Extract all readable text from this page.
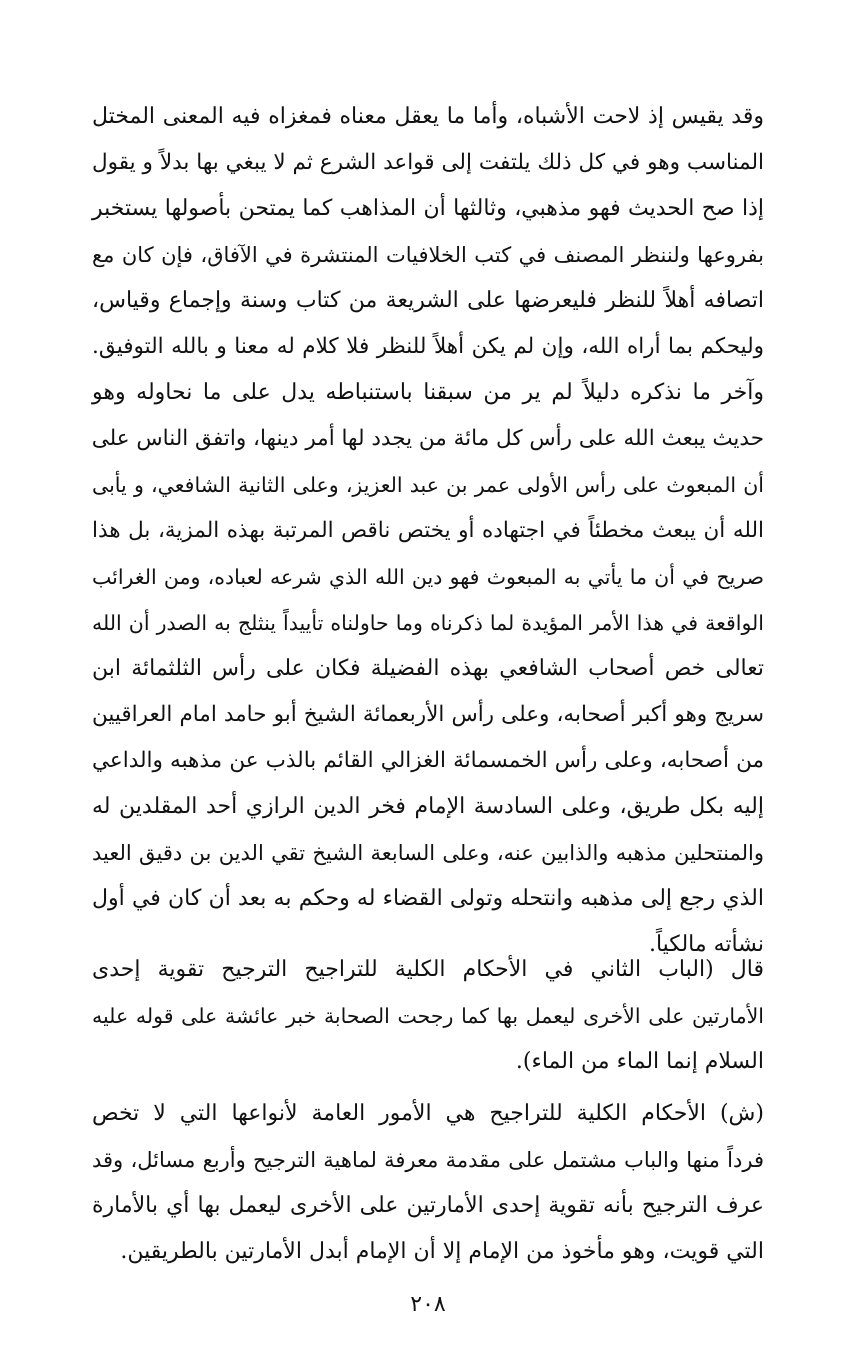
وقد يقيس إذ لاحت الأشباه، وأما ما يعقل معناه فمغزاه فيه المعنى المختل
المناسب وهو في كل ذلك يلتفت إلى قواعد الشرع ثم لا يبغي بها بدلاً و يقول
إذا صح الحديث فهو مذهبي، وثالثها أن المذاهب كما يمتحن بأصولها يستخبر
بفروعها ولننظر المصنف في كتب الخلافيات المنتشرة في الآفاق، فإن كان مع
اتصافه أهلاً للنظر فليعرضها على الشريعة من كتاب وسنة وإجماع وقياس،
وليحكم بما أراه الله، وإن لم يكن أهلاً للنظر فلا كلام له معنا و بالله التوفيق.
وآخر ما نذكره دليلاً لم ير من سبقنا باستنباطه يدل على ما نحاوله وهو
حديث يبعث الله على رأس كل مائة من يجدد لها أمر دينها، واتفق الناس على
أن المبعوث على رأس الأولى عمر بن عبد العزيز، وعلى الثانية الشافعي، و يأبى
الله أن يبعث مخطئاً في اجتهاده أو يختص ناقص المرتبة بهذه المزية، بل هذا
صريح في أن ما يأتي به المبعوث فهو دين الله الذي شرعه لعباده، ومن الغرائب
الواقعة في هذا الأمر المؤيدة لما ذكرناه وما حاولناه تأييداً ينثلج به الصدر أن الله
تعالى خص أصحاب الشافعي بهذه الفضيلة فكان على رأس الثلثمائة ابن
سريج وهو أكبر أصحابه، وعلى رأس الأربعمائة الشيخ أبو حامد امام العراقيين
من أصحابه، وعلى رأس الخمسمائة الغزالي القائم بالذب عن مذهبه والداعي
إليه بكل طريق، وعلى السادسة الإمام فخر الدين الرازي أحد المقلدين له
والمنتحلين مذهبه والذابين عنه، وعلى السابعة الشيخ تقي الدين بن دقيق العيد
الذي رجع إلى مذهبه وانتحله وتولى القضاء له وحكم به بعد أن كان في أول
نشأته مالكياً.
قال (الباب الثاني في الأحكام الكلية للتراجيح الترجيح تقوية إحدى
الأمارتين على الأخرى ليعمل بها كما رجحت الصحابة خبر عائشة على قوله عليه
السلام إنما الماء من الماء).
(ش) الأحكام الكلية للتراجيح هي الأمور العامة لأنواعها التي لا تخص
فرداً منها والباب مشتمل على مقدمة معرفة لماهية الترجيح وأربع مسائل، وقد
عرف الترجيح بأنه تقوية إحدى الأمارتين على الأخرى ليعمل بها أي بالأمارة
التي قويت، وهو مأخوذ من الإمام إلا أن الإمام أبدل الأمارتين بالطريقين.
٢٠٨
